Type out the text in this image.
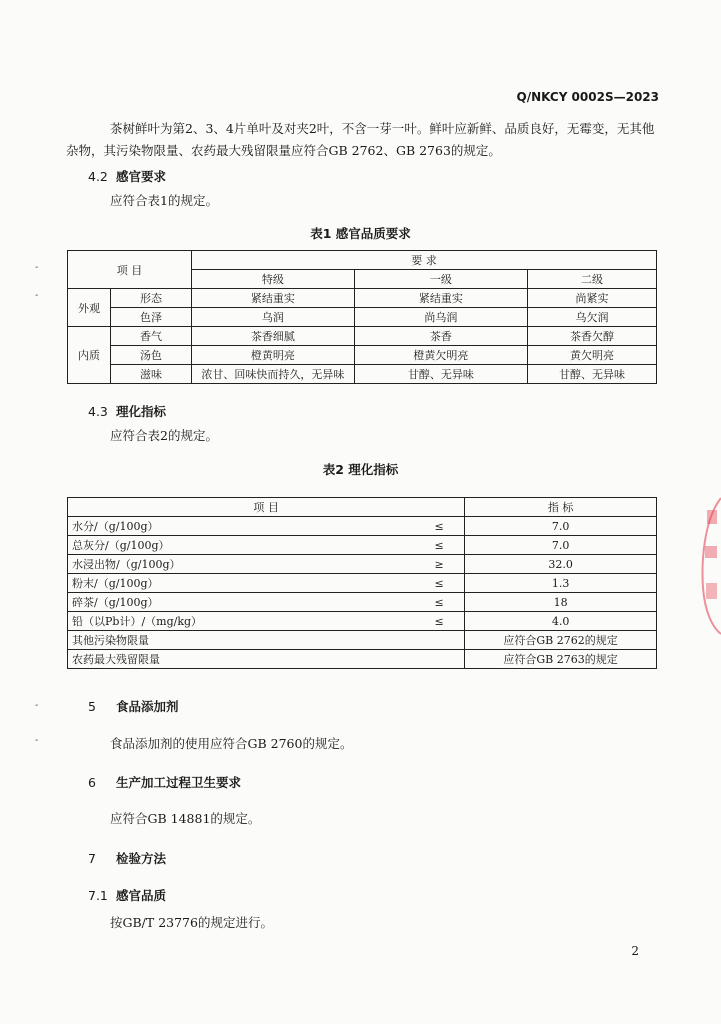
Q/NKCY 0002S—2023
茶树鲜叶为第2、3、4片单叶及对夹2叶，不含一芽一叶。鲜叶应新鲜、品质良好，无霉变，无其他
杂物，其污染物限量、农药最大残留限量应符合GB 2762、GB 2763的规定。
4.2 感官要求
应符合表1的规定。
表1 感官品质要求
项 目		要 求		
		特级	一级	二级
外观	形态	紧结重实	紧结重实	尚紧实
	色泽	乌润	尚乌润	乌欠润
内质	香气	茶香细腻	茶香	茶香欠醇
	汤色	橙黄明亮	橙黄欠明亮	黄欠明亮
	滋味	浓甘、回味快而持久，无异味	甘醇、无异味	甘醇、无异味
4.3 理化指标
应符合表2的规定。
表2 理化指标
项 目		指 标
水分/（g/100g）	≤	7.0
总灰分/（g/100g）	≤	7.0
水浸出物/（g/100g）	≥	32.0
粉末/（g/100g）	≤	1.3
碎茶/（g/100g）	≤	18
铅（以Pb计）/（mg/kg）	≤	4.0
其他污染物限量		应符合GB 2762的规定
农药最大残留限量		应符合GB 2763的规定
5 食品添加剂
食品添加剂的使用应符合GB 2760的规定。
6 生产加工过程卫生要求
应符合GB 14881的规定。
7 检验方法
7.1 感官品质
按GB/T 23776的规定进行。
2
-
-
-
-
